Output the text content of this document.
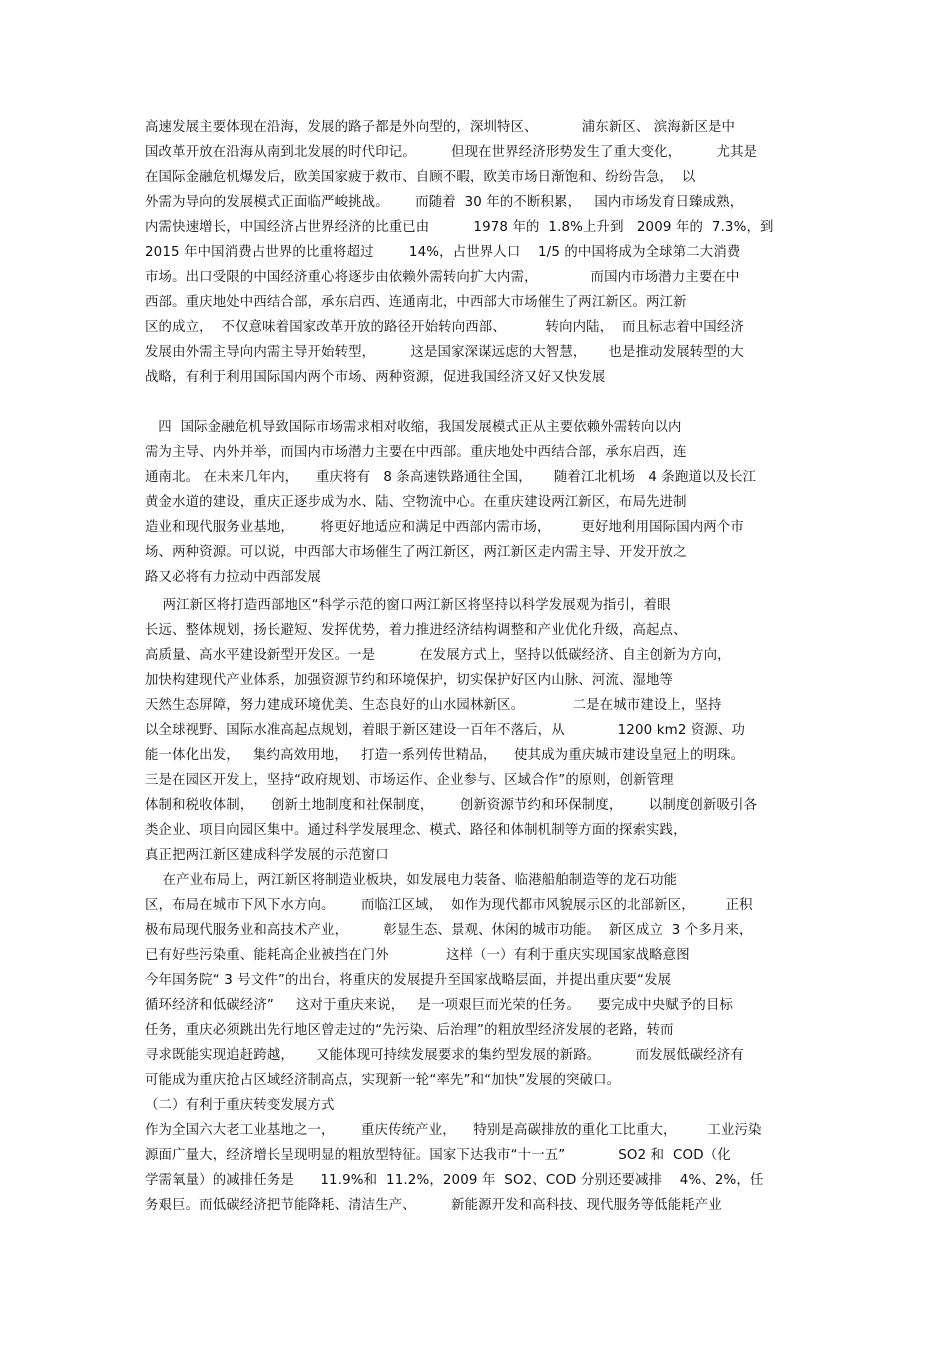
高速发展主要体现在沿海，发展的路子都是外向型的，深圳特区、          浦东新区、 滨海新区是中
国改革开放在沿海从南到北发展的时代印记。        但现在世界经济形势发生了重大变化，        尤其是
在国际金融危机爆发后，欧美国家疲于救市、自顾不暇，欧美市场日渐饱和、纷纷告急，  以
外需为导向的发展模式正面临严峻挑战。      而随着  30 年的不断积累，   国内市场发育日臻成熟，
内需快速增长，中国经济占世界经济的比重已由          1978 年的  1.8%上升到   2009 年的  7.3%，到
2015 年中国消费占世界的比重将超过        14%，占世界人口    1/5 的中国将成为全球第二大消费
市场。出口受限的中国经济重心将逐步由依赖外需转向扩大内需，            而国内市场潜力主要在中
西部。重庆地处中西结合部，承东启西、连通南北，中西部大市场催生了两江新区。两江新
区的成立，  不仅意味着国家改革开放的路径开始转向西部、         转向内陆，  而且标志着中国经济
发展由外需主导向内需主导开始转型，        这是国家深谋远虑的大智慧，     也是推动发展转型的大
战略，有利于利用国际国内两个市场、两种资源，促进我国经济又好又快发展
四  国际金融危机导致国际市场需求相对收缩，我国发展模式正从主要依赖外需转向以内
需为主导、内外并举，而国内市场潜力主要在中西部。重庆地处中西结合部，承东启西，连
通南北。 在未来几年内，    重庆将有   8 条高速铁路通往全国，     随着江北机场   4 条跑道以及长江
黄金水道的建设，重庆正逐步成为水、陆、空物流中心。在重庆建设两江新区，布局先进制
造业和现代服务业基地，      将更好地适应和满足中西部内需市场，       更好地利用国际国内两个市
场、两种资源。可以说，中西部大市场催生了两江新区，两江新区走内需主导、开发开放之
路又必将有力拉动中西部发展
两江新区将打造西部地区“科学示范的窗口两江新区将坚持以科学发展观为指引，着眼
长远、整体规划，扬长避短、发挥优势，着力推进经济结构调整和产业优化升级，高起点、
高质量、高水平建设新型开发区。一是          在发展方式上，坚持以低碳经济、自主创新为方向，
加快构建现代产业体系，加强资源节约和环境保护，切实保护好区内山脉、河流、湿地等
天然生态屏障，努力建成环境优美、生态良好的山水园林新区。           二是在城市建设上，坚持
以全球视野、国际水准高起点规划，着眼于新区建设一百年不落后，从            1200 km2 资源、功
能一体化出发，   集约高效用地，   打造一系列传世精品，    使其成为重庆城市建设皇冠上的明珠。
三是在园区开发上，坚持“政府规划、市场运作、企业参与、区域合作”的原则，创新管理
体制和税收体制，    创新土地制度和社保制度，      创新资源节约和环保制度，      以制度创新吸引各
类企业、项目向园区集中。通过科学发展理念、模式、路径和体制机制等方面的探索实践，
真正把两江新区建成科学发展的示范窗口
在产业布局上，两江新区将制造业板块，如发展电力装备、临港船舶制造等的龙石功能
区，布局在城市下风下水方向。      而临江区域，  如作为现代都市风貌展示区的北部新区，       正积
极布局现代服务业和高技术产业，        彰显生态、景观、休闲的城市功能。  新区成立  3 个多月来，
已有好些污染重、能耗高企业被挡在门外             这样（一）有利于重庆实现国家战略意图
今年国务院“ 3 号文件”的出台，将重庆的发展提升至国家战略层面，并提出重庆要“发展
循环经济和低碳经济”     这对于重庆来说，   是一项艰巨而光荣的任务。    要完成中央赋予的目标
任务，重庆必须跳出先行地区曾走过的“先污染、后治理”的粗放型经济发展的老路，转而
寻求既能实现追赶跨越，     又能体现可持续发展要求的集约型发展的新路。        而发展低碳经济有
可能成为重庆抢占区域经济制高点，实现新一轮“率先”和“加快”发展的突破口。
（二）有利于重庆转变发展方式
作为全国六大老工业基地之一，      重庆传统产业，    特别是高碳排放的重化工比重大，       工业污染
源面广量大，经济增长呈现明显的粗放型特征。国家下达我市“十一五”            SO2 和  COD（化
学需氧量）的减排任务是      11.9%和  11.2%，2009 年  SO2、COD 分别还要减排    4%、2%，任
务艰巨。而低碳经济把节能降耗、清洁生产、        新能源开发和高科技、现代服务等低能耗产业
